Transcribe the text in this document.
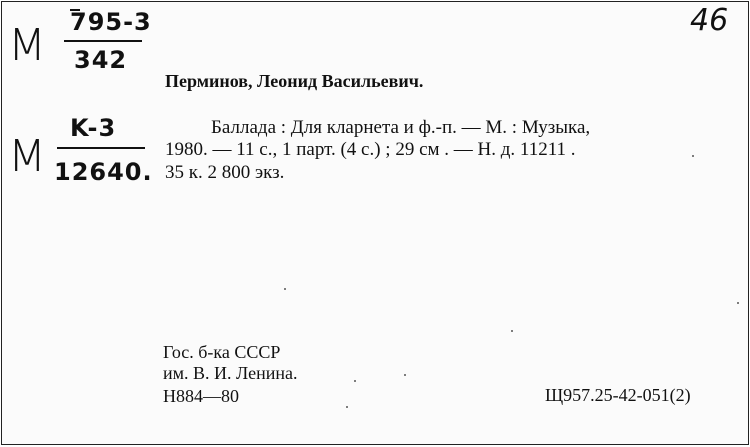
46
M 795-3
342
Перминов, Леонид Васильевич.
M
K-3
12640.
Баллада : Для кларнета и ф.-п. — М. : Музыка,
1980. — 11 с., 1 парт. (4 с.) ; 29 см . — Н. д. 11211 .
35 к. 2 800 экз.
Гос. б-ка СССР
им. В. И. Ленина.
Н884—80	Щ957.25-42-051(2)
